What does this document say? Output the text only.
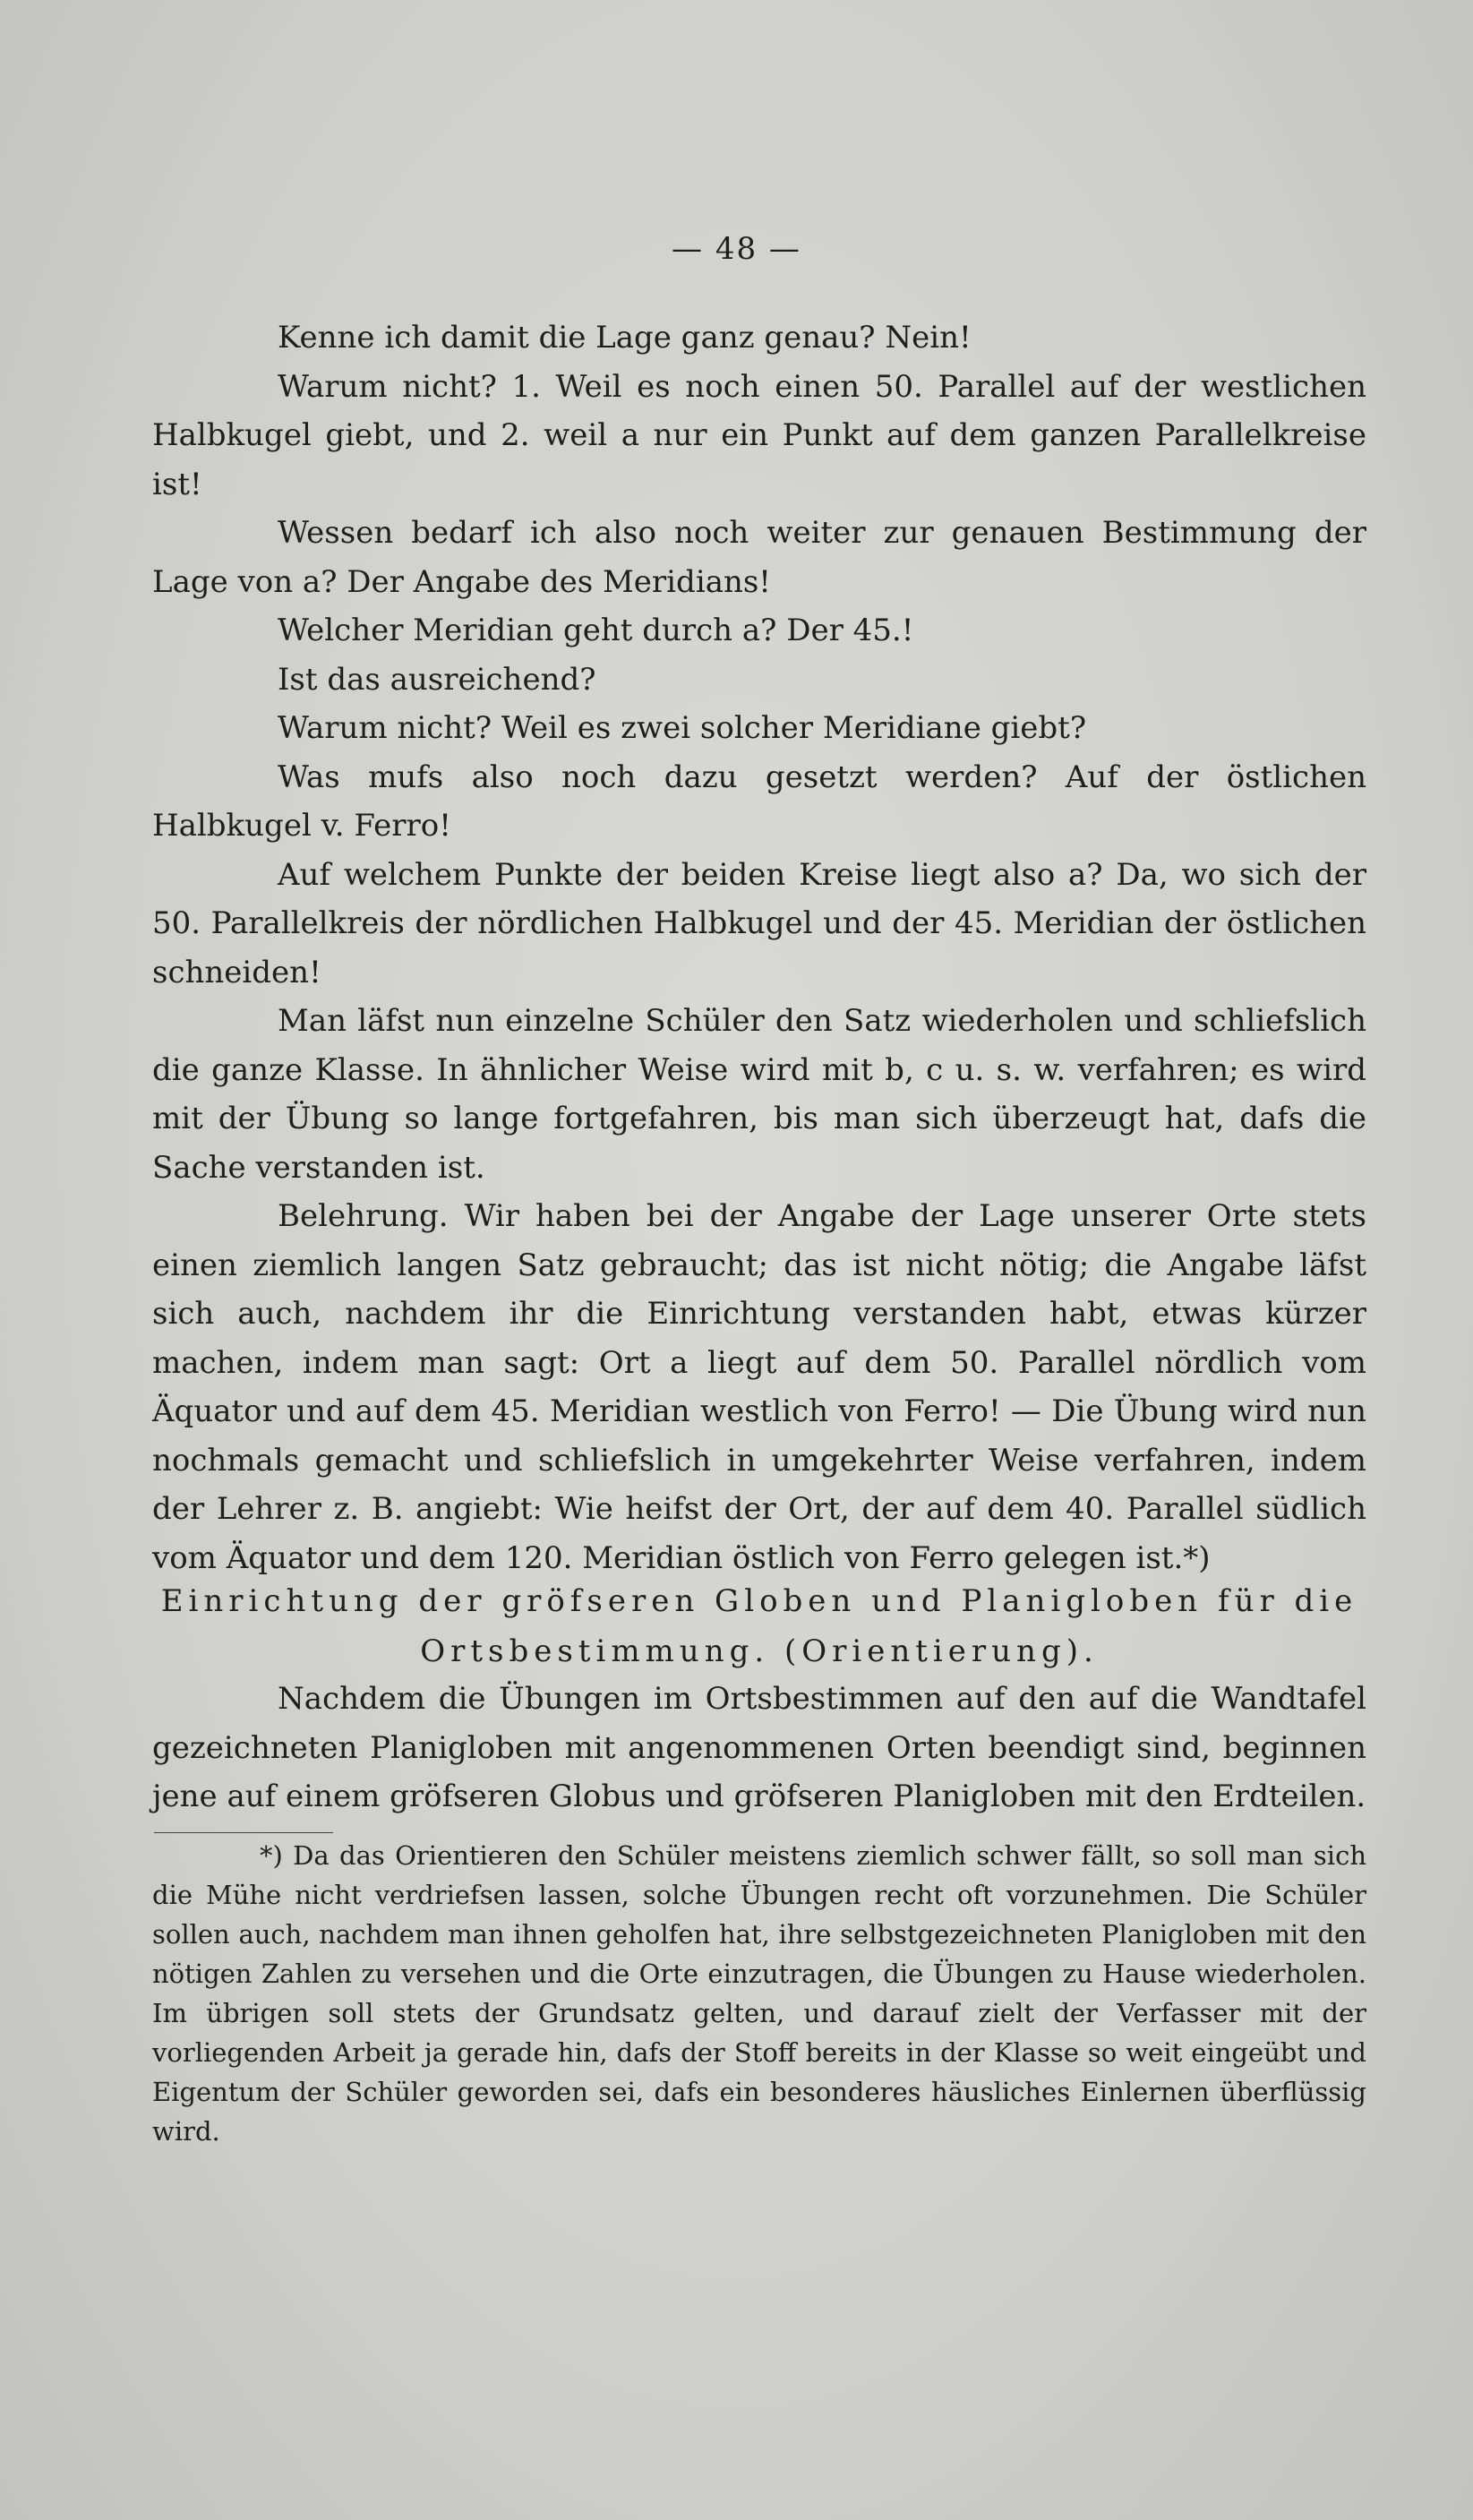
— 48 —

Kenne ich damit die Lage ganz genau? Nein!

Warum nicht? 1. Weil es noch einen 50. Parallel auf der westlichen Halbkugel giebt, und 2. weil a nur ein Punkt auf dem ganzen Parallelkreise ist!

Wessen bedarf ich also noch weiter zur genauen Bestimmung der Lage von a? Der Angabe des Meridians!

Welcher Meridian geht durch a? Der 45.!

Ist das ausreichend?

Warum nicht? Weil es zwei solcher Meridiane giebt?

Was mufs also noch dazu gesetzt werden? Auf der östlichen Halbkugel v. Ferro!

Auf welchem Punkte der beiden Kreise liegt also a? Da, wo sich der 50. Parallelkreis der nördlichen Halbkugel und der 45. Meridian der östlichen schneiden!

Man läfst nun einzelne Schüler den Satz wiederholen und schliefslich die ganze Klasse. In ähnlicher Weise wird mit b, c u. s. w. verfahren; es wird mit der Übung so lange fortgefahren, bis man sich überzeugt hat, dafs die Sache verstanden ist.

Belehrung. Wir haben bei der Angabe der Lage unserer Orte stets einen ziemlich langen Satz gebraucht; das ist nicht nötig; die Angabe läfst sich auch, nachdem ihr die Einrichtung verstanden habt, etwas kürzer machen, indem man sagt: Ort a liegt auf dem 50. Parallel nördlich vom Äquator und auf dem 45. Meridian westlich von Ferro! — Die Übung wird nun nochmals gemacht und schliefslich in umgekehrter Weise verfahren, indem der Lehrer z. B. angiebt: Wie heifst der Ort, der auf dem 40. Parallel südlich vom Äquator und dem 120. Meridian östlich von Ferro gelegen ist.*)

Einrichtung der gröfseren Globen und Planigloben für die Ortsbestimmung. (Orientierung).

Nachdem die Übungen im Ortsbestimmen auf den auf die Wandtafel gezeichneten Planigloben mit angenommenen Orten beendigt sind, beginnen jene auf einem gröfseren Globus und gröfseren Planigloben mit den Erdteilen.

*) Da das Orientieren den Schüler meistens ziemlich schwer fällt, so soll man sich die Mühe nicht verdriefsen lassen, solche Übungen recht oft vorzunehmen. Die Schüler sollen auch, nachdem man ihnen geholfen hat, ihre selbstgezeichneten Planigloben mit den nötigen Zahlen zu versehen und die Orte einzutragen, die Übungen zu Hause wiederholen. Im übrigen soll stets der Grundsatz gelten, und darauf zielt der Verfasser mit der vorliegenden Arbeit ja gerade hin, dafs der Stoff bereits in der Klasse so weit eingeübt und Eigentum der Schüler geworden sei, dafs ein besonderes häusliches Einlernen überflüssig wird.
